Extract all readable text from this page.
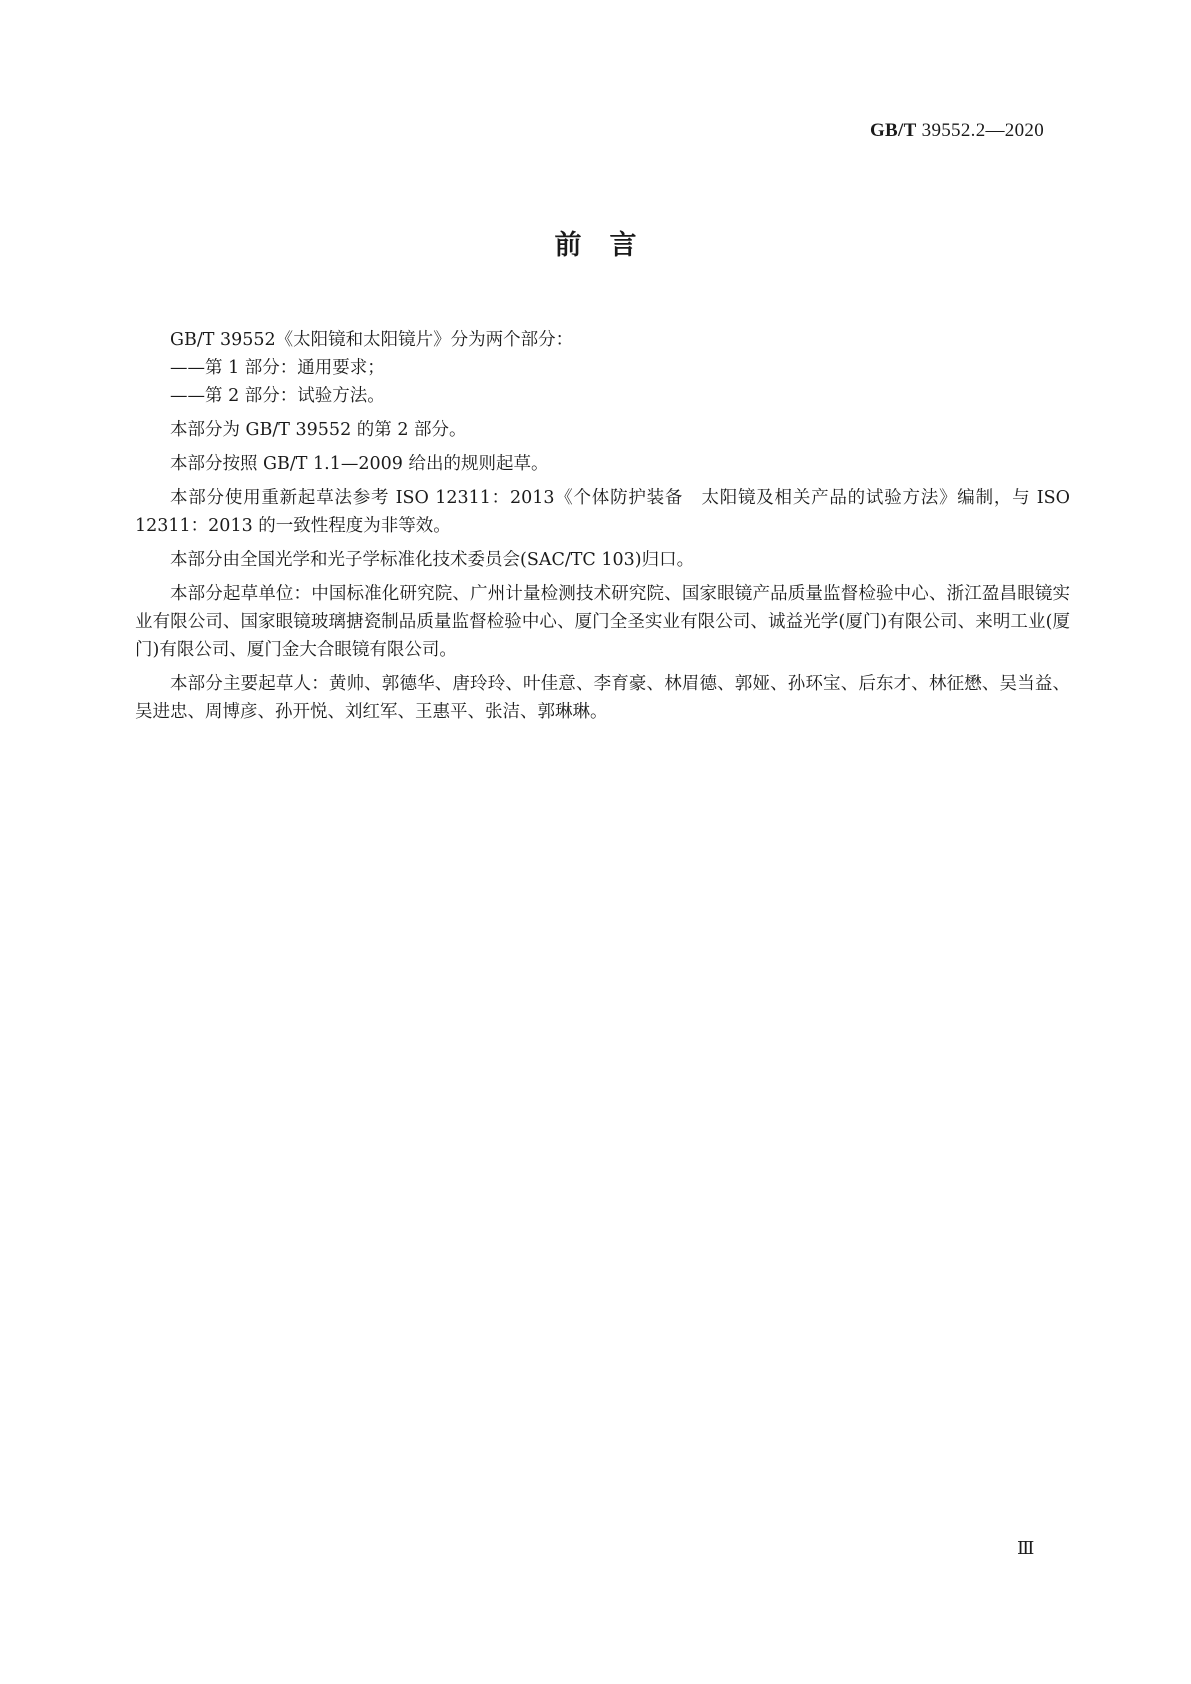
GB/T 39552.2—2020
前言

GB/T 39552《太阳镜和太阳镜片》分为两个部分：

——第 1 部分：通用要求；

——第 2 部分：试验方法。

本部分为 GB/T 39552 的第 2 部分。

本部分按照 GB/T 1.1—2009 给出的规则起草。

本部分使用重新起草法参考 ISO 12311：2013《个体防护装备　太阳镜及相关产品的试验方法》编制，与 ISO 12311：2013 的一致性程度为非等效。

本部分由全国光学和光子学标准化技术委员会(SAC/TC 103)归口。

本部分起草单位：中国标准化研究院、广州计量检测技术研究院、国家眼镜产品质量监督检验中心、浙江盈昌眼镜实业有限公司、国家眼镜玻璃搪瓷制品质量监督检验中心、厦门全圣实业有限公司、诚益光学(厦门)有限公司、来明工业(厦门)有限公司、厦门金大合眼镜有限公司。

本部分主要起草人：黄帅、郭德华、唐玲玲、叶佳意、李育豪、林眉德、郭娅、孙环宝、后东才、林征懋、吴当益、吴进忠、周博彦、孙开悦、刘红军、王惠平、张洁、郭琳琳。

Ⅲ
